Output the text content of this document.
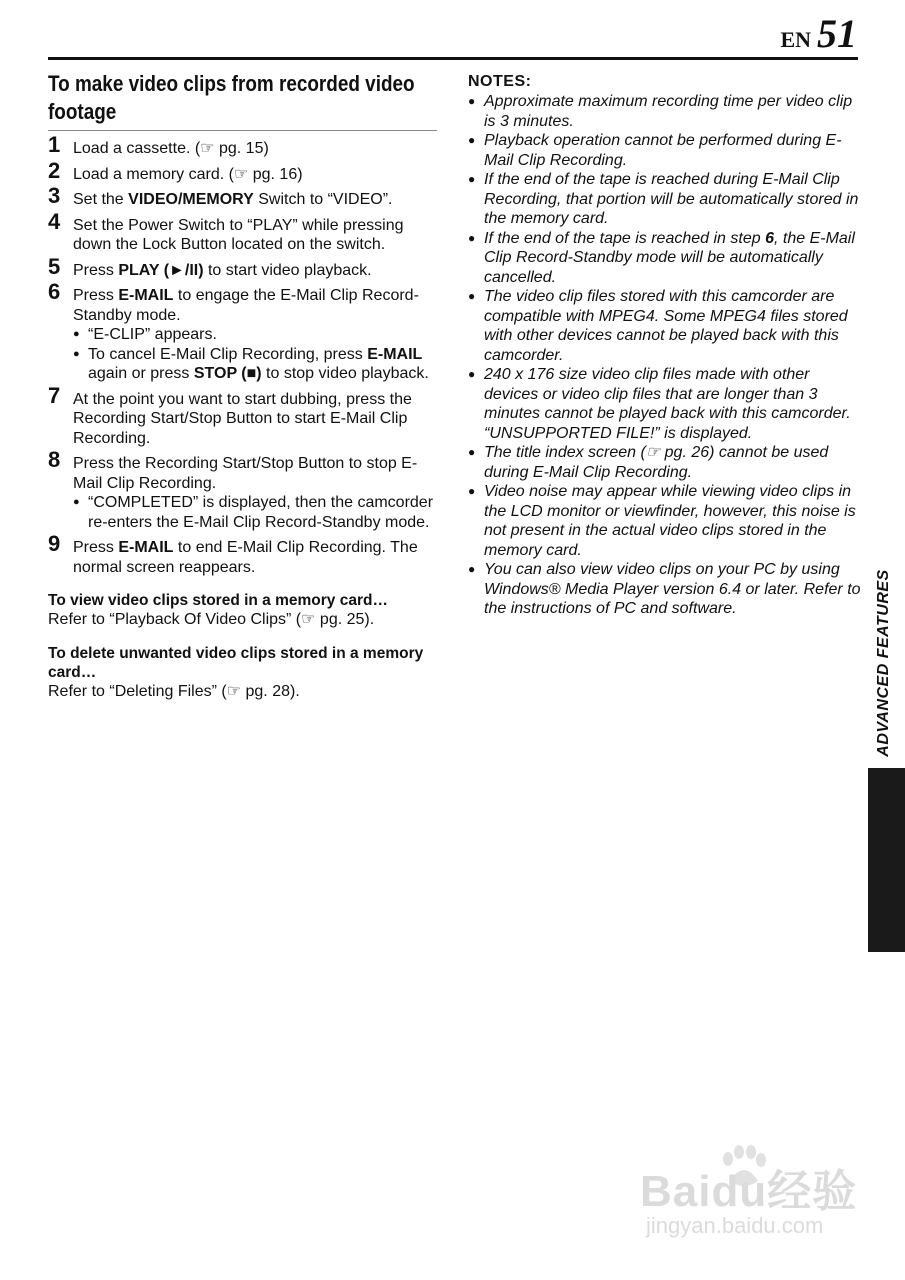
EN 51
To make video clips from recorded video footage
1 Load a cassette. (☞ pg. 15)
2 Load a memory card. (☞ pg. 16)
3 Set the VIDEO/MEMORY Switch to “VIDEO”.
4 Set the Power Switch to “PLAY” while pressing down the Lock Button located on the switch.
5 Press PLAY (►/II) to start video playback.
6 Press E-MAIL to engage the E-Mail Clip Record-Standby mode.
● “E-CLIP” appears.
● To cancel E-Mail Clip Recording, press E-MAIL again or press STOP (■) to stop video playback.
7 At the point you want to start dubbing, press the Recording Start/Stop Button to start E-Mail Clip Recording.
8 Press the Recording Start/Stop Button to stop E-Mail Clip Recording.
● “COMPLETED” is displayed, then the camcorder re-enters the E-Mail Clip Record-Standby mode.
9 Press E-MAIL to end E-Mail Clip Recording. The normal screen reappears.
To view video clips stored in a memory card…
Refer to “Playback Of Video Clips” (☞ pg. 25).
To delete unwanted video clips stored in a memory card…
Refer to “Deleting Files” (☞ pg. 28).
NOTES:
● Approximate maximum recording time per video clip is 3 minutes.
● Playback operation cannot be performed during E-Mail Clip Recording.
● If the end of the tape is reached during E-Mail Clip Recording, that portion will be automatically stored in the memory card.
● If the end of the tape is reached in step 6, the E-Mail Clip Record-Standby mode will be automatically cancelled.
● The video clip files stored with this camcorder are compatible with MPEG4. Some MPEG4 files stored with other devices cannot be played back with this camcorder.
● 240 x 176 size video clip files made with other devices or video clip files that are longer than 3 minutes cannot be played back with this camcorder. “UNSUPPORTED FILE!” is displayed.
● The title index screen (☞ pg. 26) cannot be used during E-Mail Clip Recording.
● Video noise may appear while viewing video clips in the LCD monitor or viewfinder, however, this noise is not present in the actual video clips stored in the memory card.
● You can also view video clips on your PC by using Windows® Media Player version 6.4 or later. Refer to the instructions of PC and software.	ADVANCED FEATURES
Baidu经验
jingyan.baidu.com
